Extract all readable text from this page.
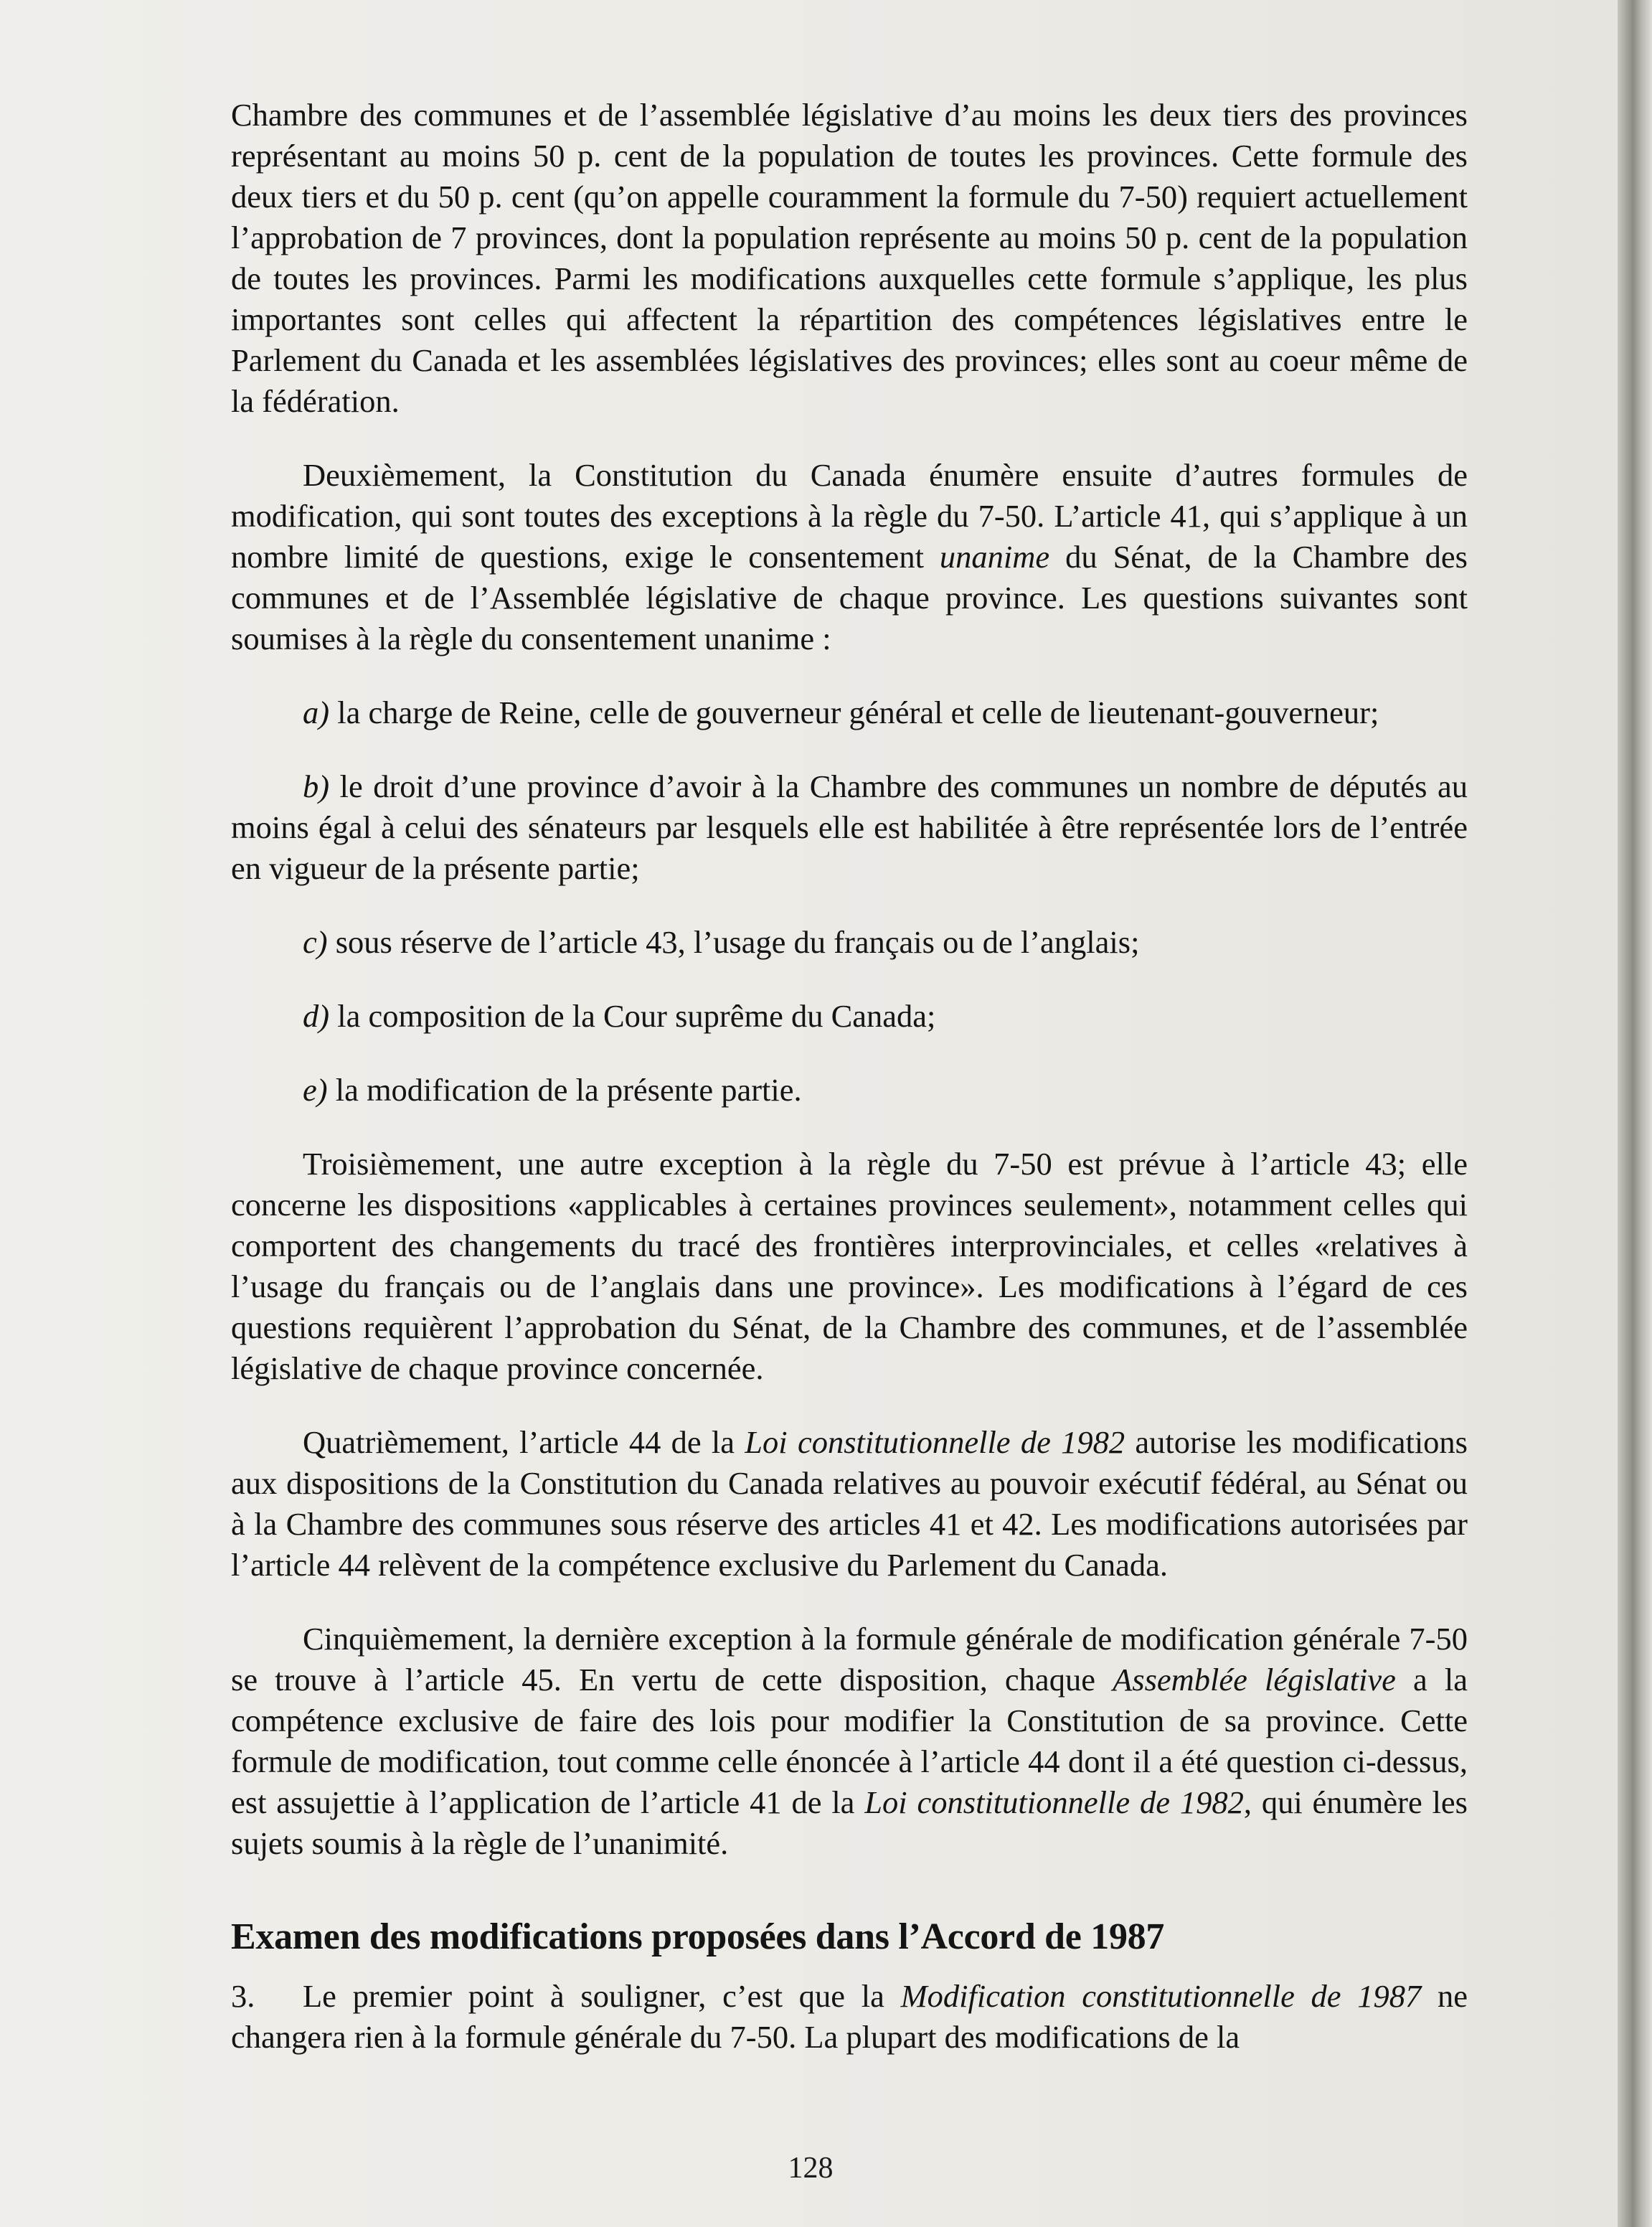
Chambre des communes et de l’assemblée législative d’au moins les deux tiers des provinces représentant au moins 50 p. cent de la population de toutes les provinces. Cette formule des deux tiers et du 50 p. cent (qu’on appelle couramment la formule du 7-50) requiert actuellement l’approbation de 7 provinces, dont la population représente au moins 50 p. cent de la population de toutes les provinces. Parmi les modifications auxquelles cette formule s’applique, les plus importantes sont celles qui affectent la répartition des compétences législatives entre le Parlement du Canada et les assemblées législatives des provinces; elles sont au coeur même de la fédération.

Deuxièmement, la Constitution du Canada énumère ensuite d’autres formules de modification, qui sont toutes des exceptions à la règle du 7-50. L’article 41, qui s’applique à un nombre limité de questions, exige le consentement unanime du Sénat, de la Chambre des communes et de l’Assemblée législative de chaque province. Les questions suivantes sont soumises à la règle du consentement unanime :

a) la charge de Reine, celle de gouverneur général et celle de lieutenant-gouverneur;

b) le droit d’une province d’avoir à la Chambre des communes un nombre de députés au moins égal à celui des sénateurs par lesquels elle est habilitée à être représentée lors de l’entrée en vigueur de la présente partie;

c) sous réserve de l’article 43, l’usage du français ou de l’anglais;

d) la composition de la Cour suprême du Canada;

e) la modification de la présente partie.

Troisièmement, une autre exception à la règle du 7-50 est prévue à l’article 43; elle concerne les dispositions «applicables à certaines provinces seulement», notamment celles qui comportent des changements du tracé des frontières interprovinciales, et celles «relatives à l’usage du français ou de l’anglais dans une province». Les modifications à l’égard de ces questions requièrent l’approbation du Sénat, de la Chambre des communes, et de l’assemblée législative de chaque province concernée.

Quatrièmement, l’article 44 de la Loi constitutionnelle de 1982 autorise les modifications aux dispositions de la Constitution du Canada relatives au pouvoir exécutif fédéral, au Sénat ou à la Chambre des communes sous réserve des articles 41 et 42. Les modifications autorisées par l’article 44 relèvent de la compétence exclusive du Parlement du Canada.

Cinquièmement, la dernière exception à la formule générale de modification générale 7-50 se trouve à l’article 45. En vertu de cette disposition, chaque Assemblée législative a la compétence exclusive de faire des lois pour modifier la Constitution de sa province. Cette formule de modification, tout comme celle énoncée à l’article 44 dont il a été question ci-dessus, est assujettie à l’application de l’article 41 de la Loi constitutionnelle de 1982, qui énumère les sujets soumis à la règle de l’unanimité.

Examen des modifications proposées dans l’Accord de 1987

3. Le premier point à souligner, c’est que la Modification constitutionnelle de 1987 ne changera rien à la formule générale du 7-50. La plupart des modifications de la

128
